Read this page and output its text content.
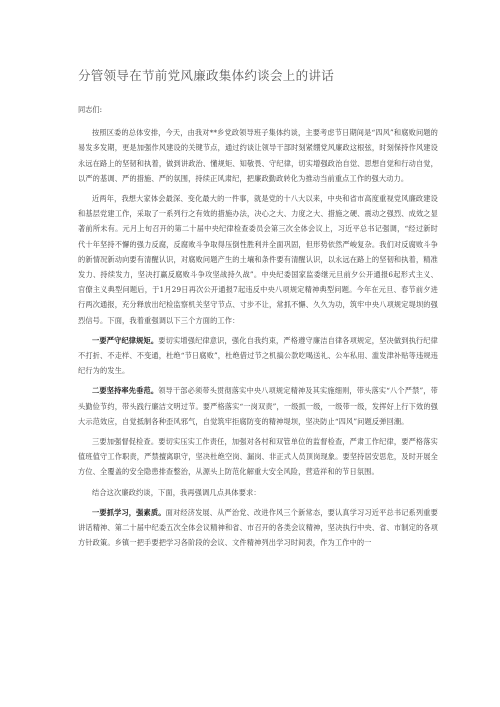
分管领导在节前党风廉政集体约谈会上的讲话
同志们:

按照区委的总体安排，今天，由我对**乡党政领导班子集体约谈，主要考虑节日期间是“四风”和腐败问题的易发多发期，更是加强作风建设的关键节点，通过约谈让领导干部时刻紧绷党风廉政这根弦，时刻保持作风建设永远在路上的坚韧和执着，做到讲政治、懂规矩、知敬畏、守纪律，切实增强政治自觉、思想自觉和行动自觉，以严的基调、严的措施、严的氛围，持续正风肃纪，把廉政勤政转化为推动当前重点工作的强大动力。

近两年，我想大家体会最深、变化最大的一件事，就是党的十八大以来，中央和省市高度重视党风廉政建设和基层党建工作，采取了一系列行之有效的措施办法，决心之大、力度之大、措施之硬、震动之强烈、成效之显著前所未有。元月上旬召开的第二十届中央纪律检查委员会第三次全体会议上，习近平总书记强调，“经过新时代十年坚持不懈的强力反腐，反腐败斗争取得压倒性胜利并全面巩固，但形势依然严峻复杂。我们对反腐败斗争的新情况新动向要有清醒认识，对腐败问题产生的土壤和条件要有清醒认识，以永远在路上的坚韧和执着，精准发力、持续发力，坚决打赢反腐败斗争攻坚战持久战”。中央纪委国家监委继元旦前夕公开通报6起形式主义、官僚主义典型问题后，于1月29日再次公开通报7起违反中央八项规定精神典型问题。今年在元旦、春节前夕进行两次通报，充分释放出纪检监察机关坚守节点、寸步不让，常抓不懈、久久为功，筑牢中央八项规定堤坝的强烈信号。下面，我着重强调以下三个方面的工作：

一要严守纪律规矩。要切实增强纪律意识，强化自我约束，严格遵守廉洁自律各项规定，坚决做到执行纪律不打折、不走样、不变通，杜绝“节日腐败”，杜绝借过节之机搞公款吃喝送礼、公车私用、滥发津补贴等违规违纪行为的发生。

二要坚持率先垂范。领导干部必须带头贯彻落实中央八项规定精神及其实施细则，带头落实“八个严禁”，带头勤俭节约，带头践行廉洁文明过节。要严格落实“一岗双责”，一级抓一级，一级带一级，发挥好上行下效的强大示范效应，自觉抵制各种歪风邪气，自觉筑牢拒腐防变的精神堤坝，坚决防止“四风”问题反弹回潮。

三要加强督促检查。要切实压实工作责任，加强对各村和双管单位的监督检查，严肃工作纪律，要严格落实值班值守工作职责，严禁擅离职守，坚决杜绝空岗、漏岗、非正式人员顶岗现象。要坚持居安思危，及时开展全方位、全覆盖的安全隐患排查整治，从源头上防范化解重大安全风险，营造祥和的节日氛围。

结合这次廉政约谈，下面，我再强调几点具体要求：

一要抓学习，强素质。面对经济发展、从严治党、改进作风三个新常态，要认真学习习近平总书记系列重要讲话精神、第二十届中纪委五次全体会议精神和省、市召开的各类会议精神，坚决执行中央、省、市制定的各项方针政策。乡镇一把手要把学习各阶段的会议、文件精神列出学习时间表，作为工作中的一
